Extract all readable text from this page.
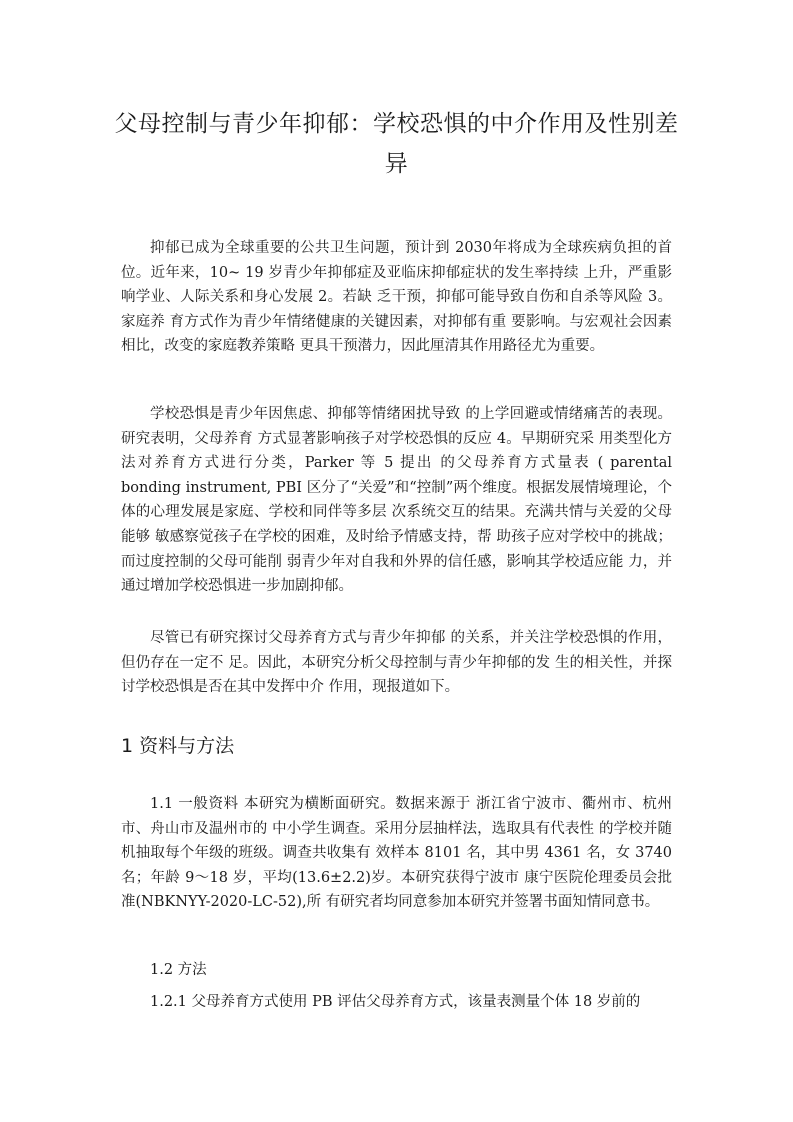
父母控制与青少年抑郁：学校恐惧的中介作用及性别差异

抑郁已成为全球重要的公共卫生问题，预计到 2030年将成为全球疾病负担的首位。近年来，10~ 19 岁青少年抑郁症及亚临床抑郁症状的发生率持续 上升，严重影响学业、人际关系和身心发展 2。若缺 乏干预，抑郁可能导致自伤和自杀等风险 3。家庭养 育方式作为青少年情绪健康的关键因素，对抑郁有重 要影响。与宏观社会因素相比，改变的家庭教养策略 更具干预潜力，因此厘清其作用路径尤为重要。

学校恐惧是青少年因焦虑、抑郁等情绪困扰导致 的上学回避或情绪痛苦的表现。研究表明，父母养育 方式显著影响孩子对学校恐惧的反应 4。早期研究采 用类型化方法对养育方式进行分类，Parker 等 5 提出 的父母养育方式量表 ( parental bonding instrument, PBI 区分了“关爱”和“控制”两个维度。根据发展情境理论，个体的心理发展是家庭、学校和同伴等多层 次系统交互的结果。充满共情与关爱的父母能够 敏感察觉孩子在学校的困难，及时给予情感支持，帮 助孩子应对学校中的挑战；而过度控制的父母可能削 弱青少年对自我和外界的信任感，影响其学校适应能 力，并通过增加学校恐惧进一步加剧抑郁。

尽管已有研究探讨父母养育方式与青少年抑郁 的关系，并关注学校恐惧的作用，但仍存在一定不 足。因此，本研究分析父母控制与青少年抑郁的发 生的相关性，并探讨学校恐惧是否在其中发挥中介 作用，现报道如下。

1 资料与方法

1.1 一般资料 本研究为横断面研究。数据来源于 浙江省宁波市、衢州市、杭州市、舟山市及温州市的 中小学生调查。采用分层抽样法，选取具有代表性 的学校并随机抽取每个年级的班级。调查共收集有 效样本 8101 名，其中男 4361 名，女 3740 名；年龄 9～18 岁，平均(13.6±2.2)岁。本研究获得宁波市 康宁医院伦理委员会批准(NBKNYY-2020-LC-52),所 有研究者均同意参加本研究并签署书面知情同意书。

1.2 方法

1.2.1 父母养育方式使用 PB 评估父母养育方式，该量表测量个体 18 岁前的
